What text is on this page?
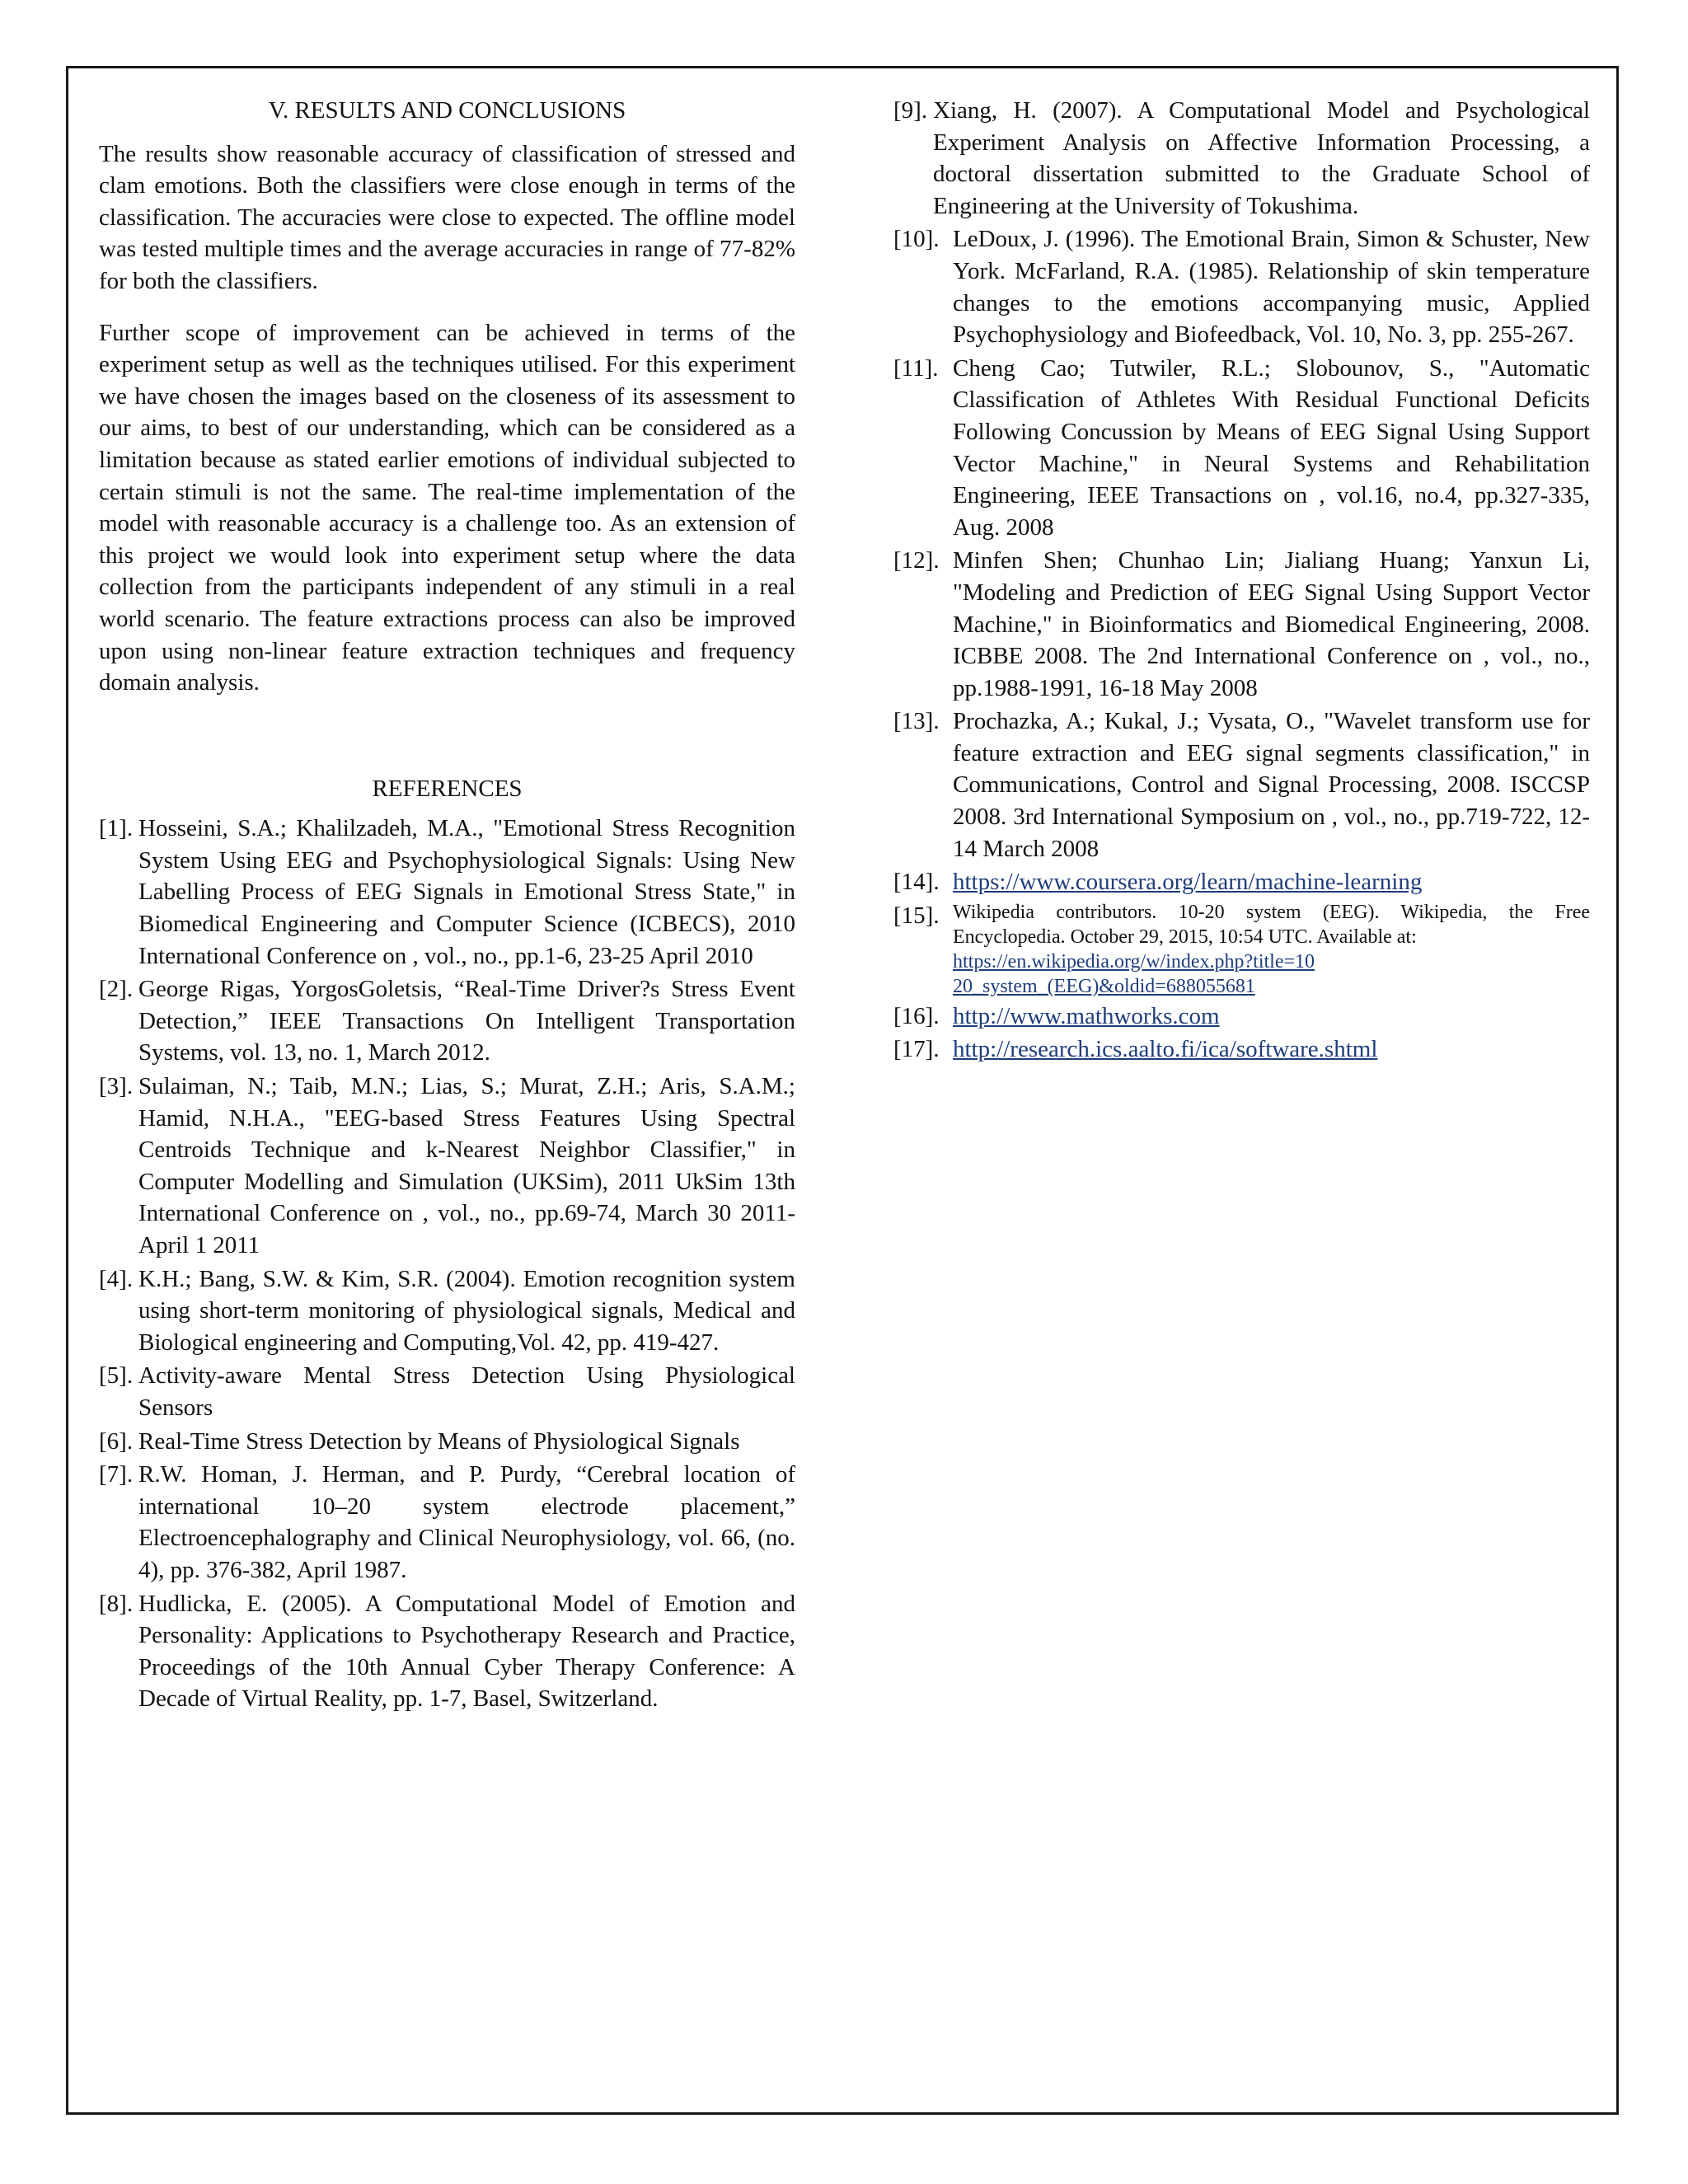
V. RESULTS AND CONCLUSIONS

The results show reasonable accuracy of classification of stressed and clam emotions. Both the classifiers were close enough in terms of the classification. The accuracies were close to expected. The offline model was tested multiple times and the average accuracies in range of 77-82% for both the classifiers.

Further scope of improvement can be achieved in terms of the experiment setup as well as the techniques utilised. For this experiment we have chosen the images based on the closeness of its assessment to our aims, to best of our understanding, which can be considered as a limitation because as stated earlier emotions of individual subjected to certain stimuli is not the same. The real-time implementation of the model with reasonable accuracy is a challenge too. As an extension of this project we would look into experiment setup where the data collection from the participants independent of any stimuli in a real world scenario. The feature extractions process can also be improved upon using non-linear feature extraction techniques and frequency domain analysis.

REFERENCES
[1]. Hosseini, S.A.; Khalilzadeh, M.A., "Emotional Stress Recognition System Using EEG and Psychophysiological Signals: Using New Labelling Process of EEG Signals in Emotional Stress State," in Biomedical Engineering and Computer Science (ICBECS), 2010 International Conference on , vol., no., pp.1-6, 23-25 April 2010
[2]. George Rigas, YorgosGoletsis, “Real-Time Driver?s Stress Event Detection,” IEEE Transactions On Intelligent Transportation Systems, vol. 13, no. 1, March 2012.
[3]. Sulaiman, N.; Taib, M.N.; Lias, S.; Murat, Z.H.; Aris, S.A.M.; Hamid, N.H.A., "EEG-based Stress Features Using Spectral Centroids Technique and k-Nearest Neighbor Classifier," in Computer Modelling and Simulation (UKSim), 2011 UkSim 13th International Conference on , vol., no., pp.69-74, March 30 2011-April 1 2011
[4]. K.H.; Bang, S.W. & Kim, S.R. (2004). Emotion recognition system using short-term monitoring of physiological signals, Medical and Biological engineering and Computing,Vol. 42, pp. 419-427.
[5]. Activity-aware Mental Stress Detection Using Physiological Sensors
[6]. Real-Time Stress Detection by Means of Physiological Signals
[7]. R.W. Homan, J. Herman, and P. Purdy, “Cerebral location of international 10–20 system electrode placement,” Electroencephalography and Clinical Neurophysiology, vol. 66, (no. 4), pp. 376-382, April 1987.
[8]. Hudlicka, E. (2005). A Computational Model of Emotion and Personality: Applications to Psychotherapy Research and Practice, Proceedings of the 10th Annual Cyber Therapy Conference: A Decade of Virtual Reality, pp. 1-7, Basel, Switzerland.
[9]. Xiang, H. (2007). A Computational Model and Psychological Experiment Analysis on Affective Information Processing, a doctoral dissertation submitted to the Graduate School of Engineering at the University of Tokushima.
[10]. LeDoux, J. (1996). The Emotional Brain, Simon & Schuster, New York. McFarland, R.A. (1985). Relationship of skin temperature changes to the emotions accompanying music, Applied Psychophysiology and Biofeedback, Vol. 10, No. 3, pp. 255-267.
[11]. Cheng Cao; Tutwiler, R.L.; Slobounov, S., "Automatic Classification of Athletes With Residual Functional Deficits Following Concussion by Means of EEG Signal Using Support Vector Machine," in Neural Systems and Rehabilitation Engineering, IEEE Transactions on , vol.16, no.4, pp.327-335, Aug. 2008
[12]. Minfen Shen; Chunhao Lin; Jialiang Huang; Yanxun Li, "Modeling and Prediction of EEG Signal Using Support Vector Machine," in Bioinformatics and Biomedical Engineering, 2008. ICBBE 2008. The 2nd International Conference on , vol., no., pp.1988-1991, 16-18 May 2008
[13]. Prochazka, A.; Kukal, J.; Vysata, O., "Wavelet transform use for feature extraction and EEG signal segments classification," in Communications, Control and Signal Processing, 2008. ISCCSP 2008. 3rd International Symposium on , vol., no., pp.719-722, 12-14 March 2008
[14]. https://www.coursera.org/learn/machine-learning
[15]. Wikipedia contributors. 10-20 system (EEG). Wikipedia, the Free Encyclopedia. October 29, 2015, 10:54 UTC. Available at:
https://en.wikipedia.org/w/index.php?title=10 20_system_(EEG)&oldid=688055681
[16]. http://www.mathworks.com
[17]. http://research.ics.aalto.fi/ica/software.shtml
